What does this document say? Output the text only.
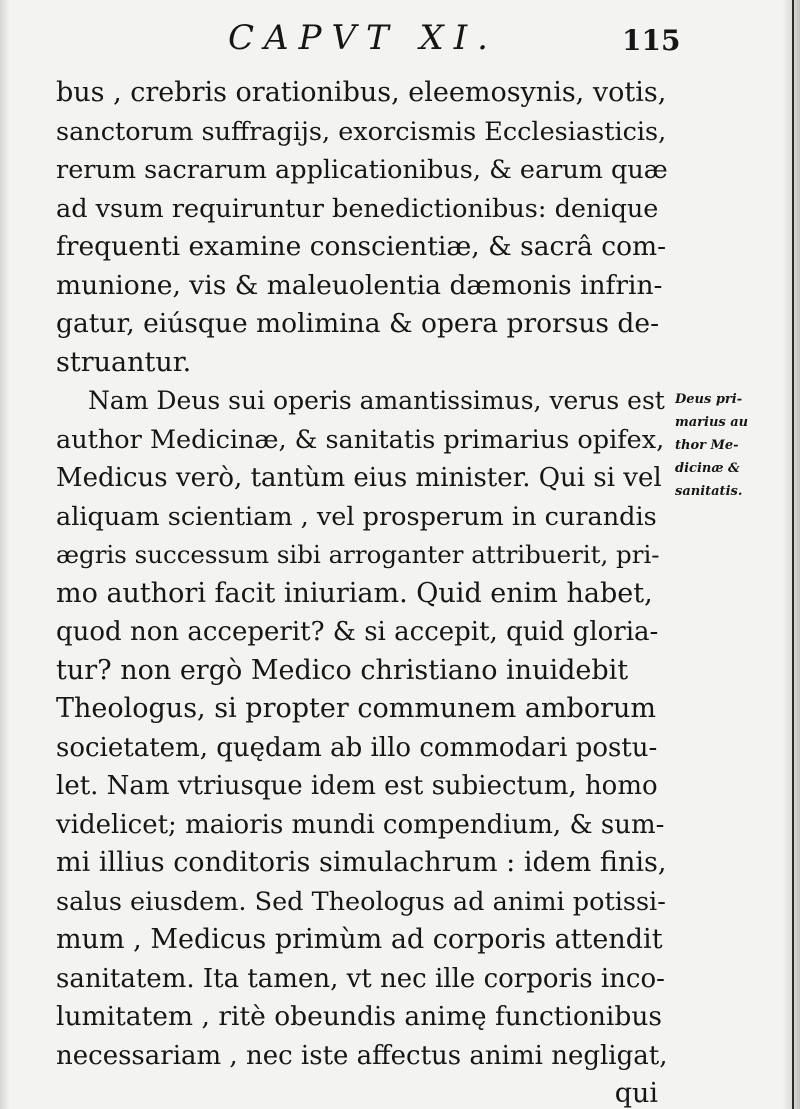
CAPVT XI.	115
bus , crebris orationibus, eleemosynis, votis,
sanctorum suffragijs, exorcismis Ecclesiasticis,
rerum sacrarum applicationibus, & earum quæ
ad vsum requiruntur benedictionibus: denique
frequenti examine conscientiæ, & sacrâ com-
munione, vis & maleuolentia dæmonis infrin-
gatur, eiúsque molimina & opera prorsus de-
struantur.
Nam Deus sui operis amantissimus, verus est
author Medicinæ, & sanitatis primarius opifex,
Medicus verò, tantùm eius minister. Qui si vel
aliquam scientiam , vel prosperum in curandis
ægris successum sibi arroganter attribuerit, pri-
mo authori facit iniuriam. Quid enim habet,
quod non acceperit? & si accepit, quid gloria-
tur? non ergò Medico christiano inuidebit
Theologus, si propter communem amborum
societatem, quędam ab illo commodari postu-
let. Nam vtriusque idem est subiectum, homo
videlicet; maioris mundi compendium, & sum-
mi illius conditoris simulachrum : idem finis,
salus eiusdem. Sed Theologus ad animi potissi-
mum , Medicus primùm ad corporis attendit
sanitatem. Ita tamen, vt nec ille corporis inco-
lumitatem , ritè obeundis animę functionibus
necessariam , nec iste affectus animi negligat,
qui
Deus pri-
marius au
thor Me-
dicinæ &
sanitatis.
